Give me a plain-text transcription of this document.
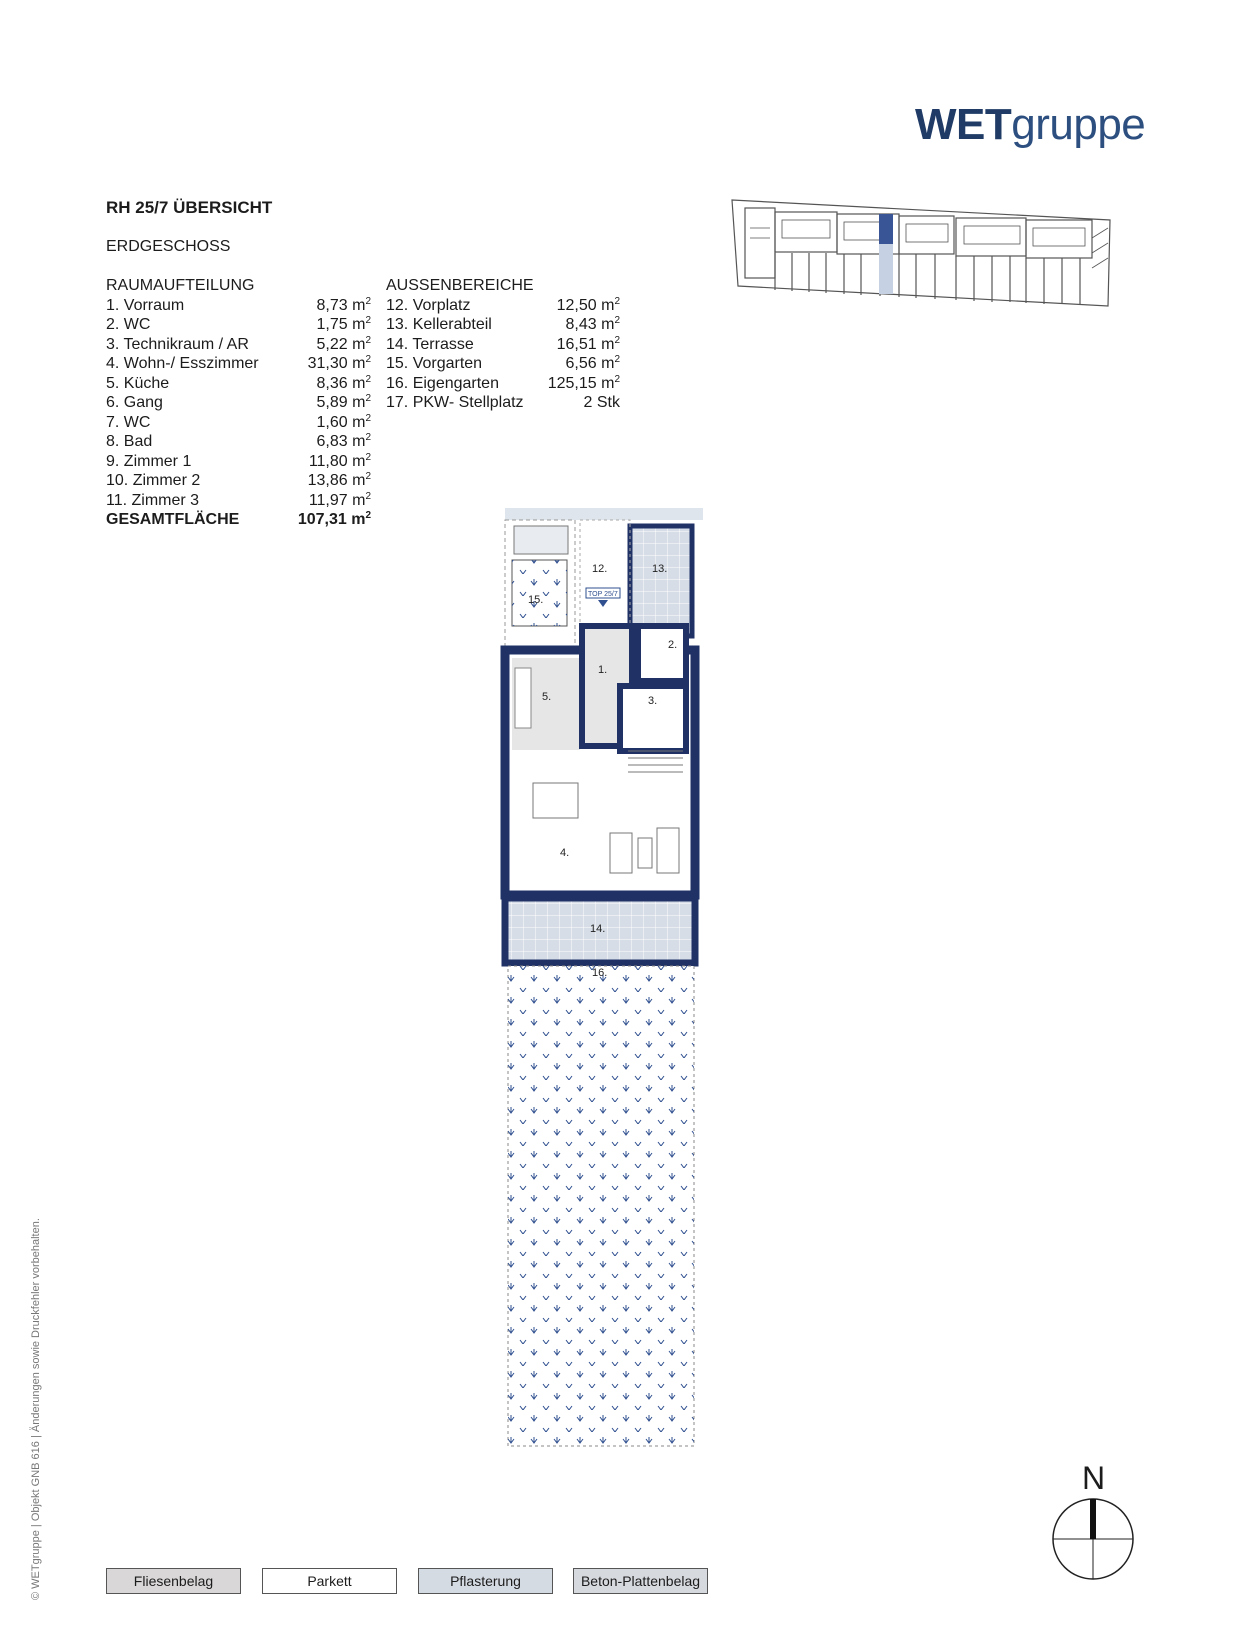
WETgruppe
RH 25/7 ÜBERSICHT
ERDGESCHOSS
RAUMAUFTEILUNG
1. Vorraum	8,73 $m^2$
2. WC	1,75 $m^2$
3. Technikraum / AR	5,22 $m^2$
4. Wohn-/ Esszimmer	31,30 $m^2$
5. Küche	8,36 $m^2$
6. Gang	5,89 $m^2$
7. WC	1,60 $m^2$
8. Bad	6,83 $m^2$
9. Zimmer 1	11,80 $m^2$
10. Zimmer 2	13,86 $m^2$
11. Zimmer 3	11,97 $m^2$
GESAMTFLÄCHE	107,31 $m^2$
AUSSENBEREICHE
12. Vorplatz	12,50 $m^2$
13. Kellerabteil	8,43 $m^2$
14. Terrasse	16,51 $m^2$
15. Vorgarten	6,56 $m^2$
16. Eigengarten	125,15 $m^2$
17. PKW- Stellplatz	2 Stk
12.	13.
15.
1.
2.
3.
5.
4.
14.
16.
TOP 25/7
N
Fliesenbelag	Parkett	Pflasterung	Beton-Plattenbelag
© WETgruppe | Objekt GNB 616 | Änderungen sowie Druckfehler vorbehalten.
